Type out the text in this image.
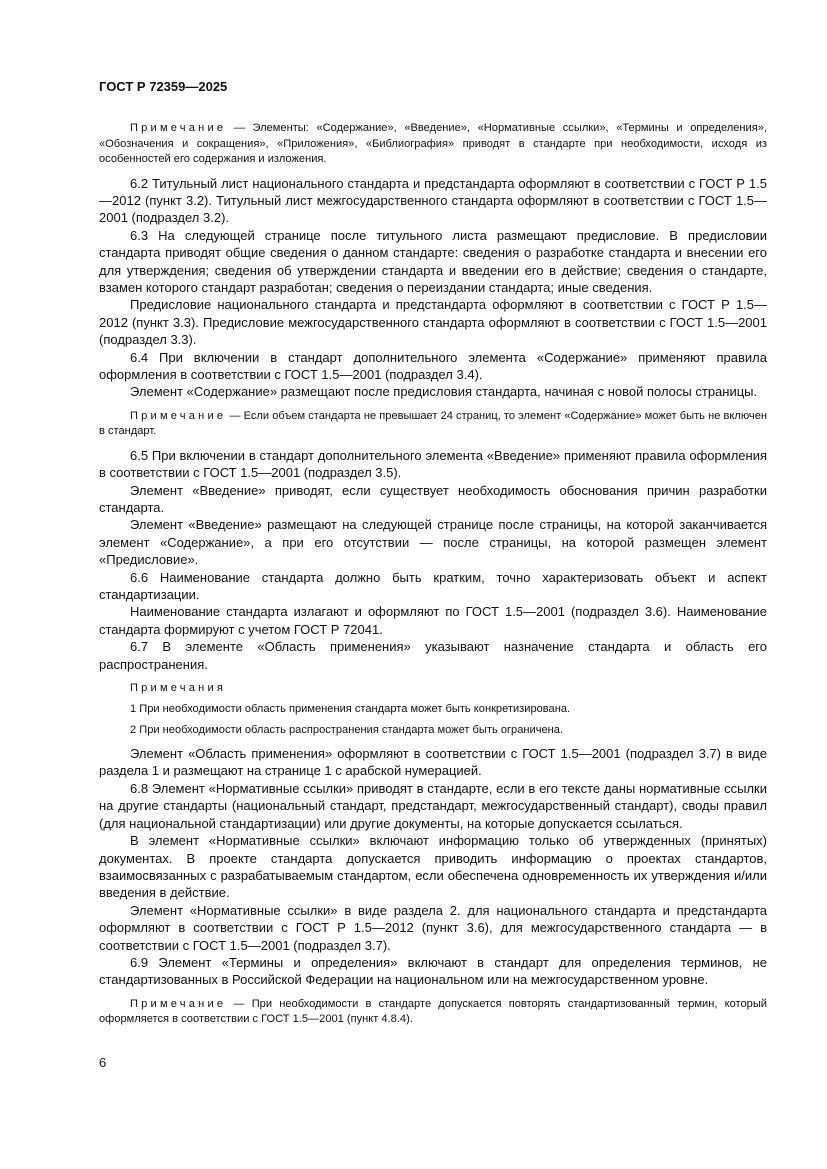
ГОСТ Р 72359—2025

Примечание — Элементы: «Содержание», «Введение», «Нормативные ссылки», «Термины и определения», «Обозначения и сокращения», «Приложения», «Библиография» приводят в стандарте при необходимости, исходя из особенностей его содержания и изложения.

6.2 Титульный лист национального стандарта и предстандарта оформляют в соответствии с ГОСТ Р 1.5—2012 (пункт 3.2). Титульный лист межгосударственного стандарта оформляют в соответствии с ГОСТ 1.5—2001 (подраздел 3.2).

6.3 На следующей странице после титульного листа размещают предисловие. В предисловии стандарта приводят общие сведения о данном стандарте: сведения о разработке стандарта и внесении его для утверждения; сведения об утверждении стандарта и введении его в действие; сведения о стандарте, взамен которого стандарт разработан; сведения о переиздании стандарта; иные сведения.

Предисловие национального стандарта и предстандарта оформляют в соответствии с ГОСТ Р 1.5—2012 (пункт 3.3). Предисловие межгосударственного стандарта оформляют в соответствии с ГОСТ 1.5—2001 (подраздел 3.3).

6.4 При включении в стандарт дополнительного элемента «Содержание» применяют правила оформления в соответствии с ГОСТ 1.5—2001 (подраздел 3.4).

Элемент «Содержание» размещают после предисловия стандарта, начиная с новой полосы страницы.

Примечание — Если объем стандарта не превышает 24 страниц, то элемент «Содержание» может быть не включен в стандарт.

6.5 При включении в стандарт дополнительного элемента «Введение» применяют правила оформления в соответствии с ГОСТ 1.5—2001 (подраздел 3.5).

Элемент «Введение» приводят, если существует необходимость обоснования причин разработки стандарта.

Элемент «Введение» размещают на следующей странице после страницы, на которой заканчивается элемент «Содержание», а при его отсутствии — после страницы, на которой размещен элемент «Предисловие».

6.6 Наименование стандарта должно быть кратким, точно характеризовать объект и аспект стандартизации.

Наименование стандарта излагают и оформляют по ГОСТ 1.5—2001 (подраздел 3.6). Наименование стандарта формируют с учетом ГОСТ Р 72041.

6.7 В элементе «Область применения» указывают назначение стандарта и область его распространения.

Примечания

1 При необходимости область применения стандарта может быть конкретизирована.

2 При необходимости область распространения стандарта может быть ограничена.

Элемент «Область применения» оформляют в соответствии с ГОСТ 1.5—2001 (подраздел 3.7) в виде раздела 1 и размещают на странице 1 с арабской нумерацией.

6.8 Элемент «Нормативные ссылки» приводят в стандарте, если в его тексте даны нормативные ссылки на другие стандарты (национальный стандарт, предстандарт, межгосударственный стандарт), своды правил (для национальной стандартизации) или другие документы, на которые допускается ссылаться.

В элемент «Нормативные ссылки» включают информацию только об утвержденных (принятых) документах. В проекте стандарта допускается приводить информацию о проектах стандартов, взаимосвязанных с разрабатываемым стандартом, если обеспечена одновременность их утверждения и/или введения в действие.

Элемент «Нормативные ссылки» в виде раздела 2. для национального стандарта и предстандарта оформляют в соответствии с ГОСТ Р 1.5—2012 (пункт 3.6), для межгосударственного стандарта — в соответствии с ГОСТ 1.5—2001 (подраздел 3.7).

6.9 Элемент «Термины и определения» включают в стандарт для определения терминов, не стандартизованных в Российской Федерации на национальном или на межгосударственном уровне.

Примечание — При необходимости в стандарте допускается повторять стандартизованный термин, который оформляется в соответствии с ГОСТ 1.5—2001 (пункт 4.8.4).

6
